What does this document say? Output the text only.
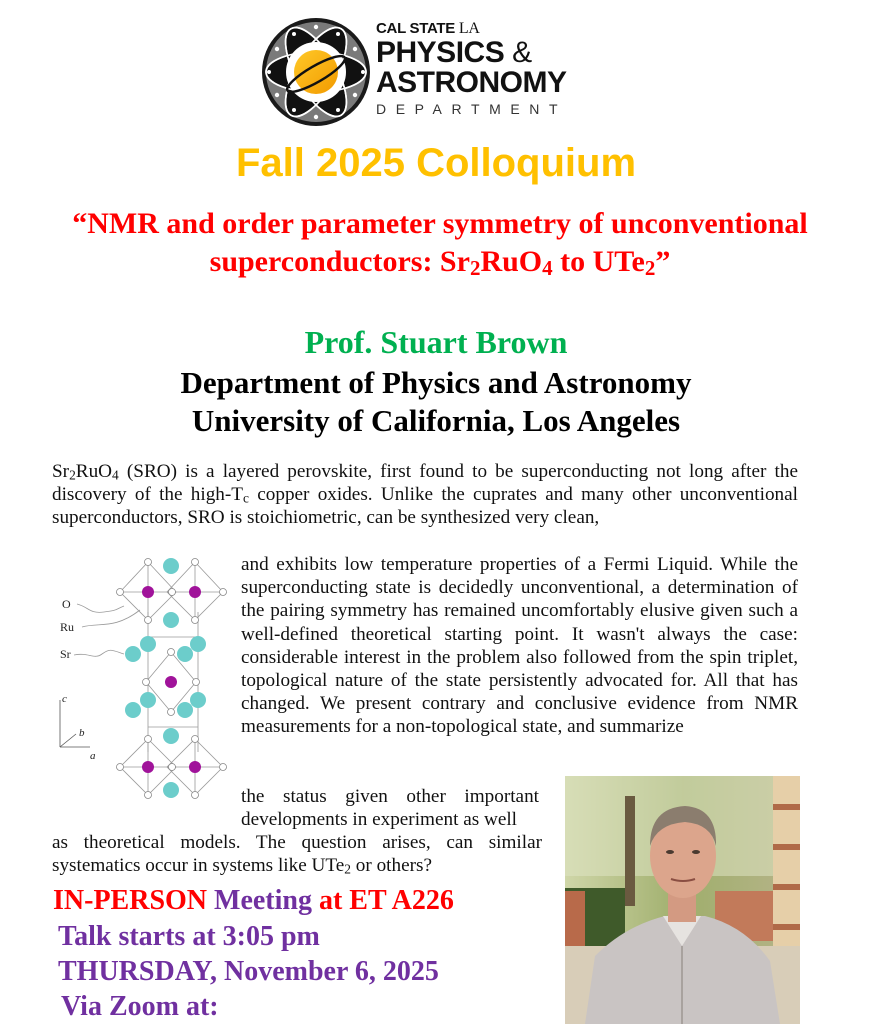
CAL STATE LA
PHYSICS &
ASTRONOMY
DEPARTMENT
Fall 2025 Colloquium
“NMR and order parameter symmetry of unconventional superconductors: $Sr_2RuO_4$ to UTe$_2$”
Prof. Stuart Brown
Department of Physics and Astronomy
University of California, Los Angeles

$Sr_2RuO_4$ (SRO) is a layered perovskite, first found to be superconducting not long after the discovery of the high-$T_c$ copper oxides. Unlike the cuprates and many other unconventional superconductors, SRO is stoichiometric, can be synthesized very clean,

O
Ru
Sr
c
b
a

and exhibits low temperature properties of a Fermi Liquid. While the superconducting state is decidedly unconventional, a determination of the pairing symmetry has remained uncomfortably elusive given such a well-defined theoretical starting point. It wasn't always the case: considerable interest in the problem also followed from the spin triplet, topological nature of the state persistently advocated for. All that has changed. We present contrary and conclusive evidence from NMR measurements for a non-topological state, and summarize

the status given other important developments in experiment as well

as theoretical models. The question arises, can similar systematics occur in systems like UTe$_2$ or others?

IN-PERSON Meeting at ET A226
Talk starts at 3:05 pm
THURSDAY, November 6, 2025
Via Zoom at:
